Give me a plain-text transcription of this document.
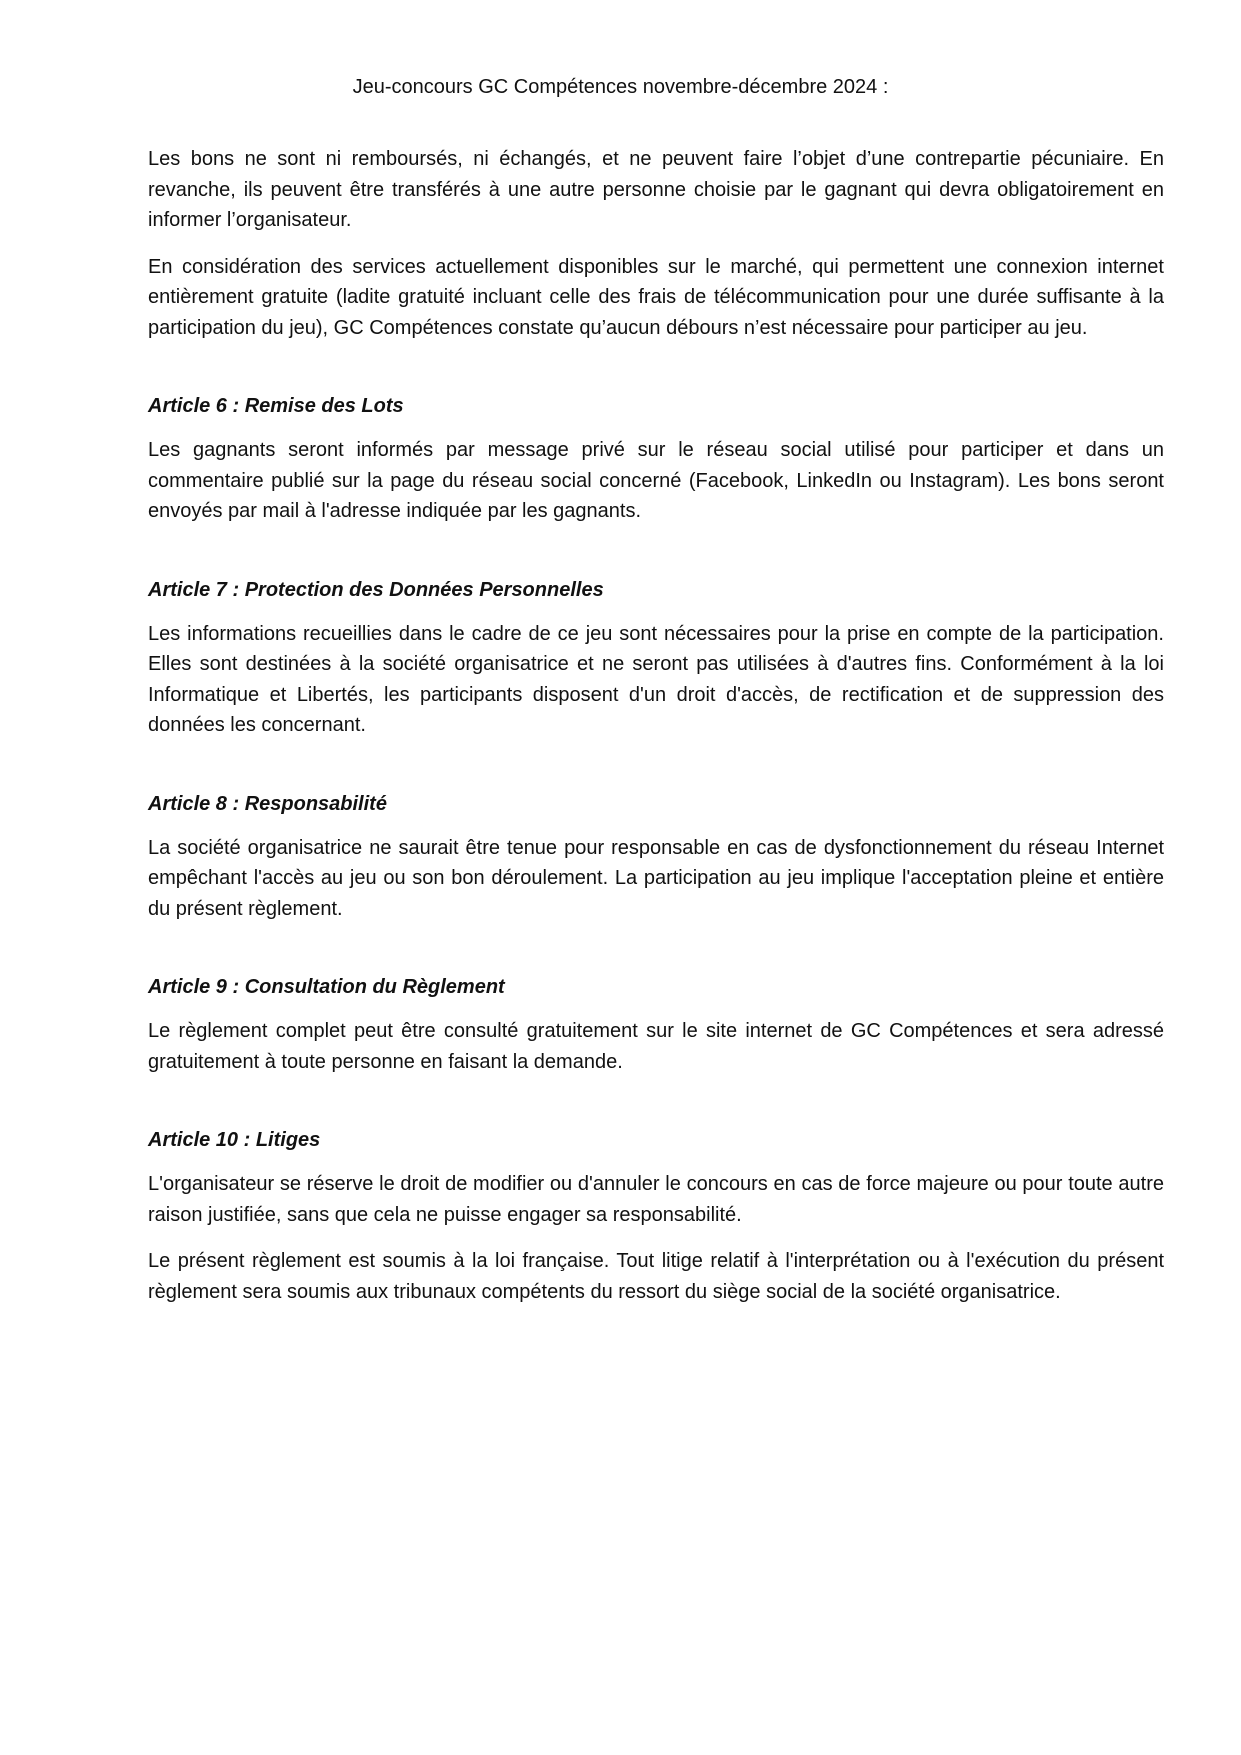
Jeu-concours GC Compétences novembre-décembre 2024 :

Les bons ne sont ni remboursés, ni échangés, et ne peuvent faire l’objet d’une contrepartie pécuniaire. En revanche, ils peuvent être transférés à une autre personne choisie par le gagnant qui devra obligatoirement en informer l’organisateur.

En considération des services actuellement disponibles sur le marché, qui permettent une connexion internet entièrement gratuite (ladite gratuité incluant celle des frais de télécommunication pour une durée suffisante à la participation du jeu), GC Compétences constate qu’aucun débours n’est nécessaire pour participer au jeu.

Article 6 : Remise des Lots

Les gagnants seront informés par message privé sur le réseau social utilisé pour participer et dans un commentaire publié sur la page du réseau social concerné (Facebook, LinkedIn ou Instagram). Les bons seront envoyés par mail à l'adresse indiquée par les gagnants.

Article 7 : Protection des Données Personnelles

Les informations recueillies dans le cadre de ce jeu sont nécessaires pour la prise en compte de la participation. Elles sont destinées à la société organisatrice et ne seront pas utilisées à d'autres fins. Conformément à la loi Informatique et Libertés, les participants disposent d'un droit d'accès, de rectification et de suppression des données les concernant.

Article 8 : Responsabilité

La société organisatrice ne saurait être tenue pour responsable en cas de dysfonctionnement du réseau Internet empêchant l'accès au jeu ou son bon déroulement. La participation au jeu implique l'acceptation pleine et entière du présent règlement.

Article 9 : Consultation du Règlement

Le règlement complet peut être consulté gratuitement sur le site internet de GC Compétences et sera adressé gratuitement à toute personne en faisant la demande.

Article 10 : Litiges

L'organisateur se réserve le droit de modifier ou d'annuler le concours en cas de force majeure ou pour toute autre raison justifiée, sans que cela ne puisse engager sa responsabilité.

Le présent règlement est soumis à la loi française. Tout litige relatif à l'interprétation ou à l'exécution du présent règlement sera soumis aux tribunaux compétents du ressort du siège social de la société organisatrice.
